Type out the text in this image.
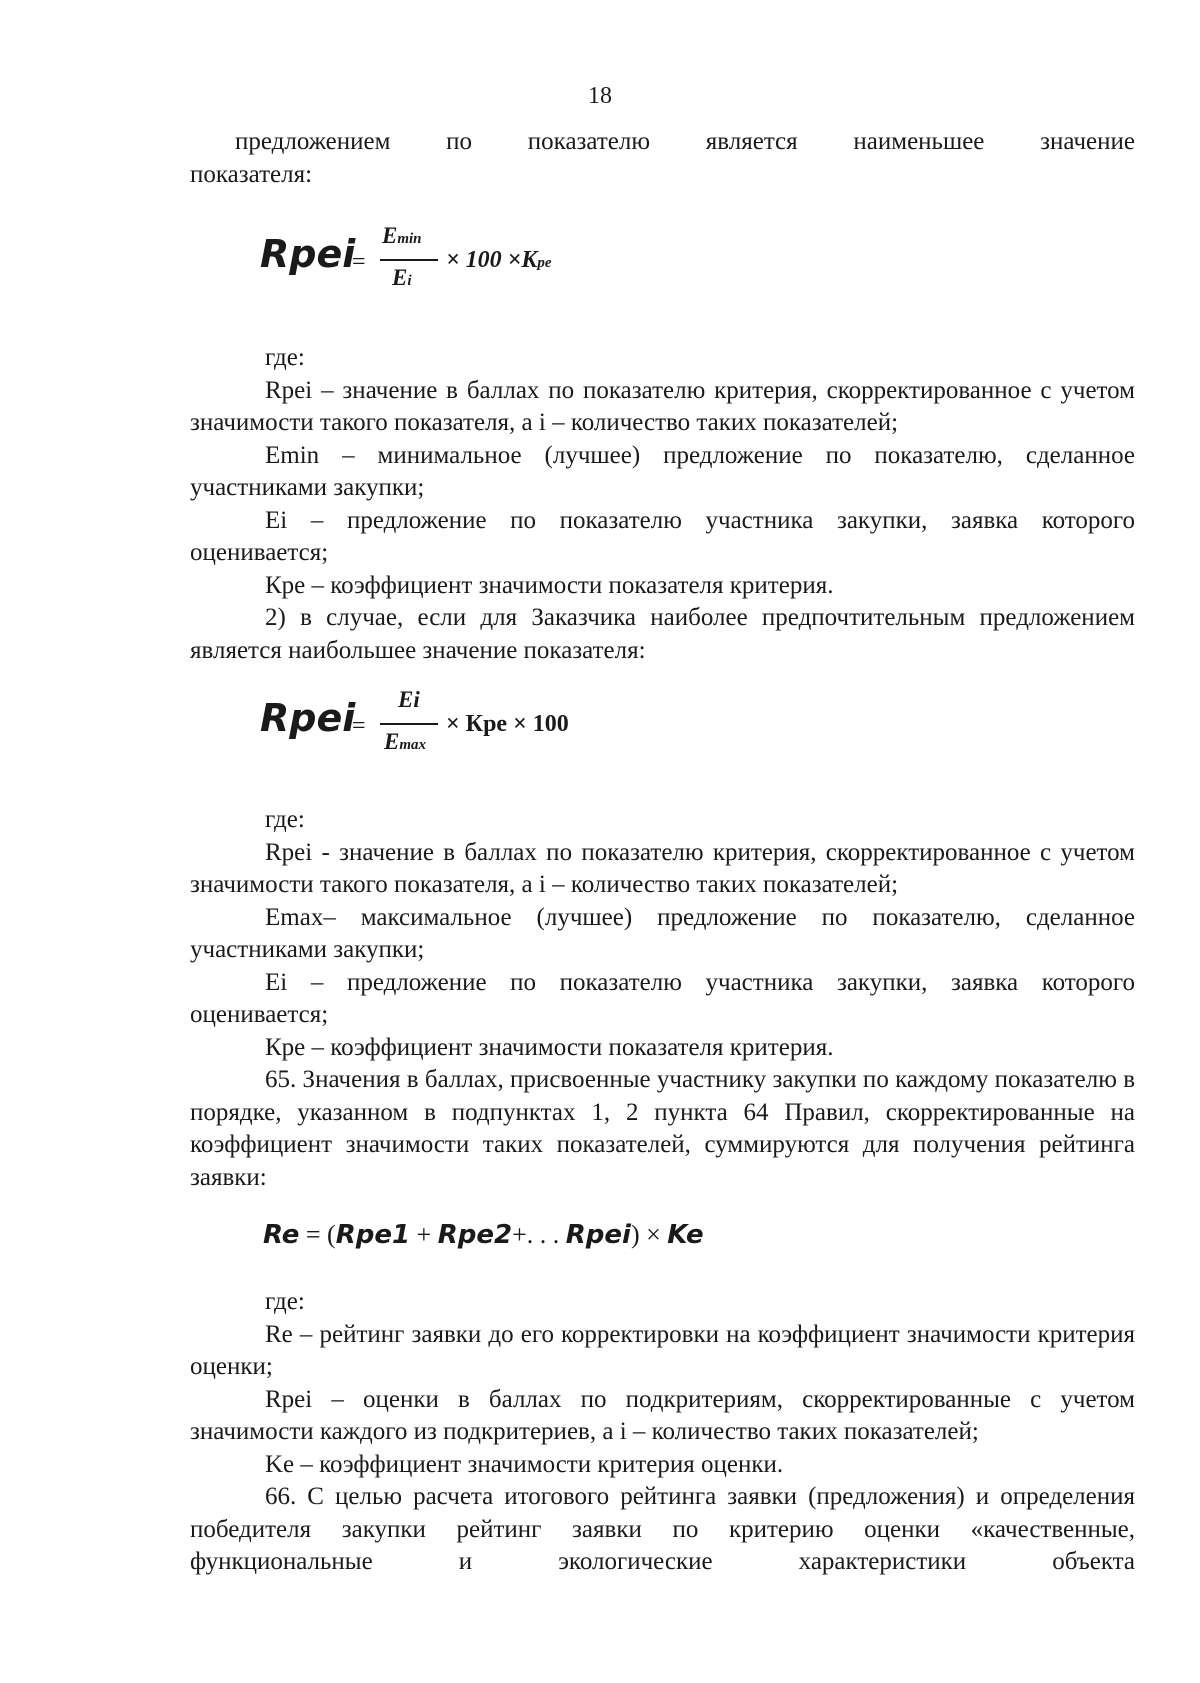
18
предложением по показателю является наименьшее значение
показателя:
Rpei
=
Emin
Ei
× 100 ×Kpe

где:

Rpei – значение в баллах по показателю критерия, скорректированное с учетом значимости такого показателя, а i – количество таких показателей;

Emin – минимальное (лучшее) предложение по показателю, сделанное участниками закупки;

Ei – предложение по показателю участника закупки, заявка которого оценивается;

Кре – коэффициент значимости показателя критерия.

2) в случае, если для Заказчика наиболее предпочтительным предложением является наибольшее значение показателя:

Rpei
=
Ei
Emax
× Кре × 100

где:

Rpei - значение в баллах по показателю критерия, скорректированное с учетом значимости такого показателя, а i – количество таких показателей;

Emax– максимальное (лучшее) предложение по показателю, сделанное участниками закупки;

Ei – предложение по показателю участника закупки, заявка которого оценивается;

Кре – коэффициент значимости показателя критерия.

65. Значения в баллах, присвоенные участнику закупки по каждому показателю в порядке, указанном в подпунктах 1, 2 пункта 64 Правил, скорректированные на коэффициент значимости таких показателей, суммируются для получения рейтинга заявки:

Re = (Rpe1 + Rpe2+. . . Rpei) × Ke

где:

Re – рейтинг заявки до его корректировки на коэффициент значимости критерия оценки;

Rpei – оценки в баллах по подкритериям, скорректированные с учетом значимости каждого из подкритериев, а i – количество таких показателей;

Ke – коэффициент значимости критерия оценки.

66. С целью расчета итогового рейтинга заявки (предложения) и определения победителя закупки рейтинг заявки по критерию оценки «качественные, функциональные и экологические характеристики объекта
